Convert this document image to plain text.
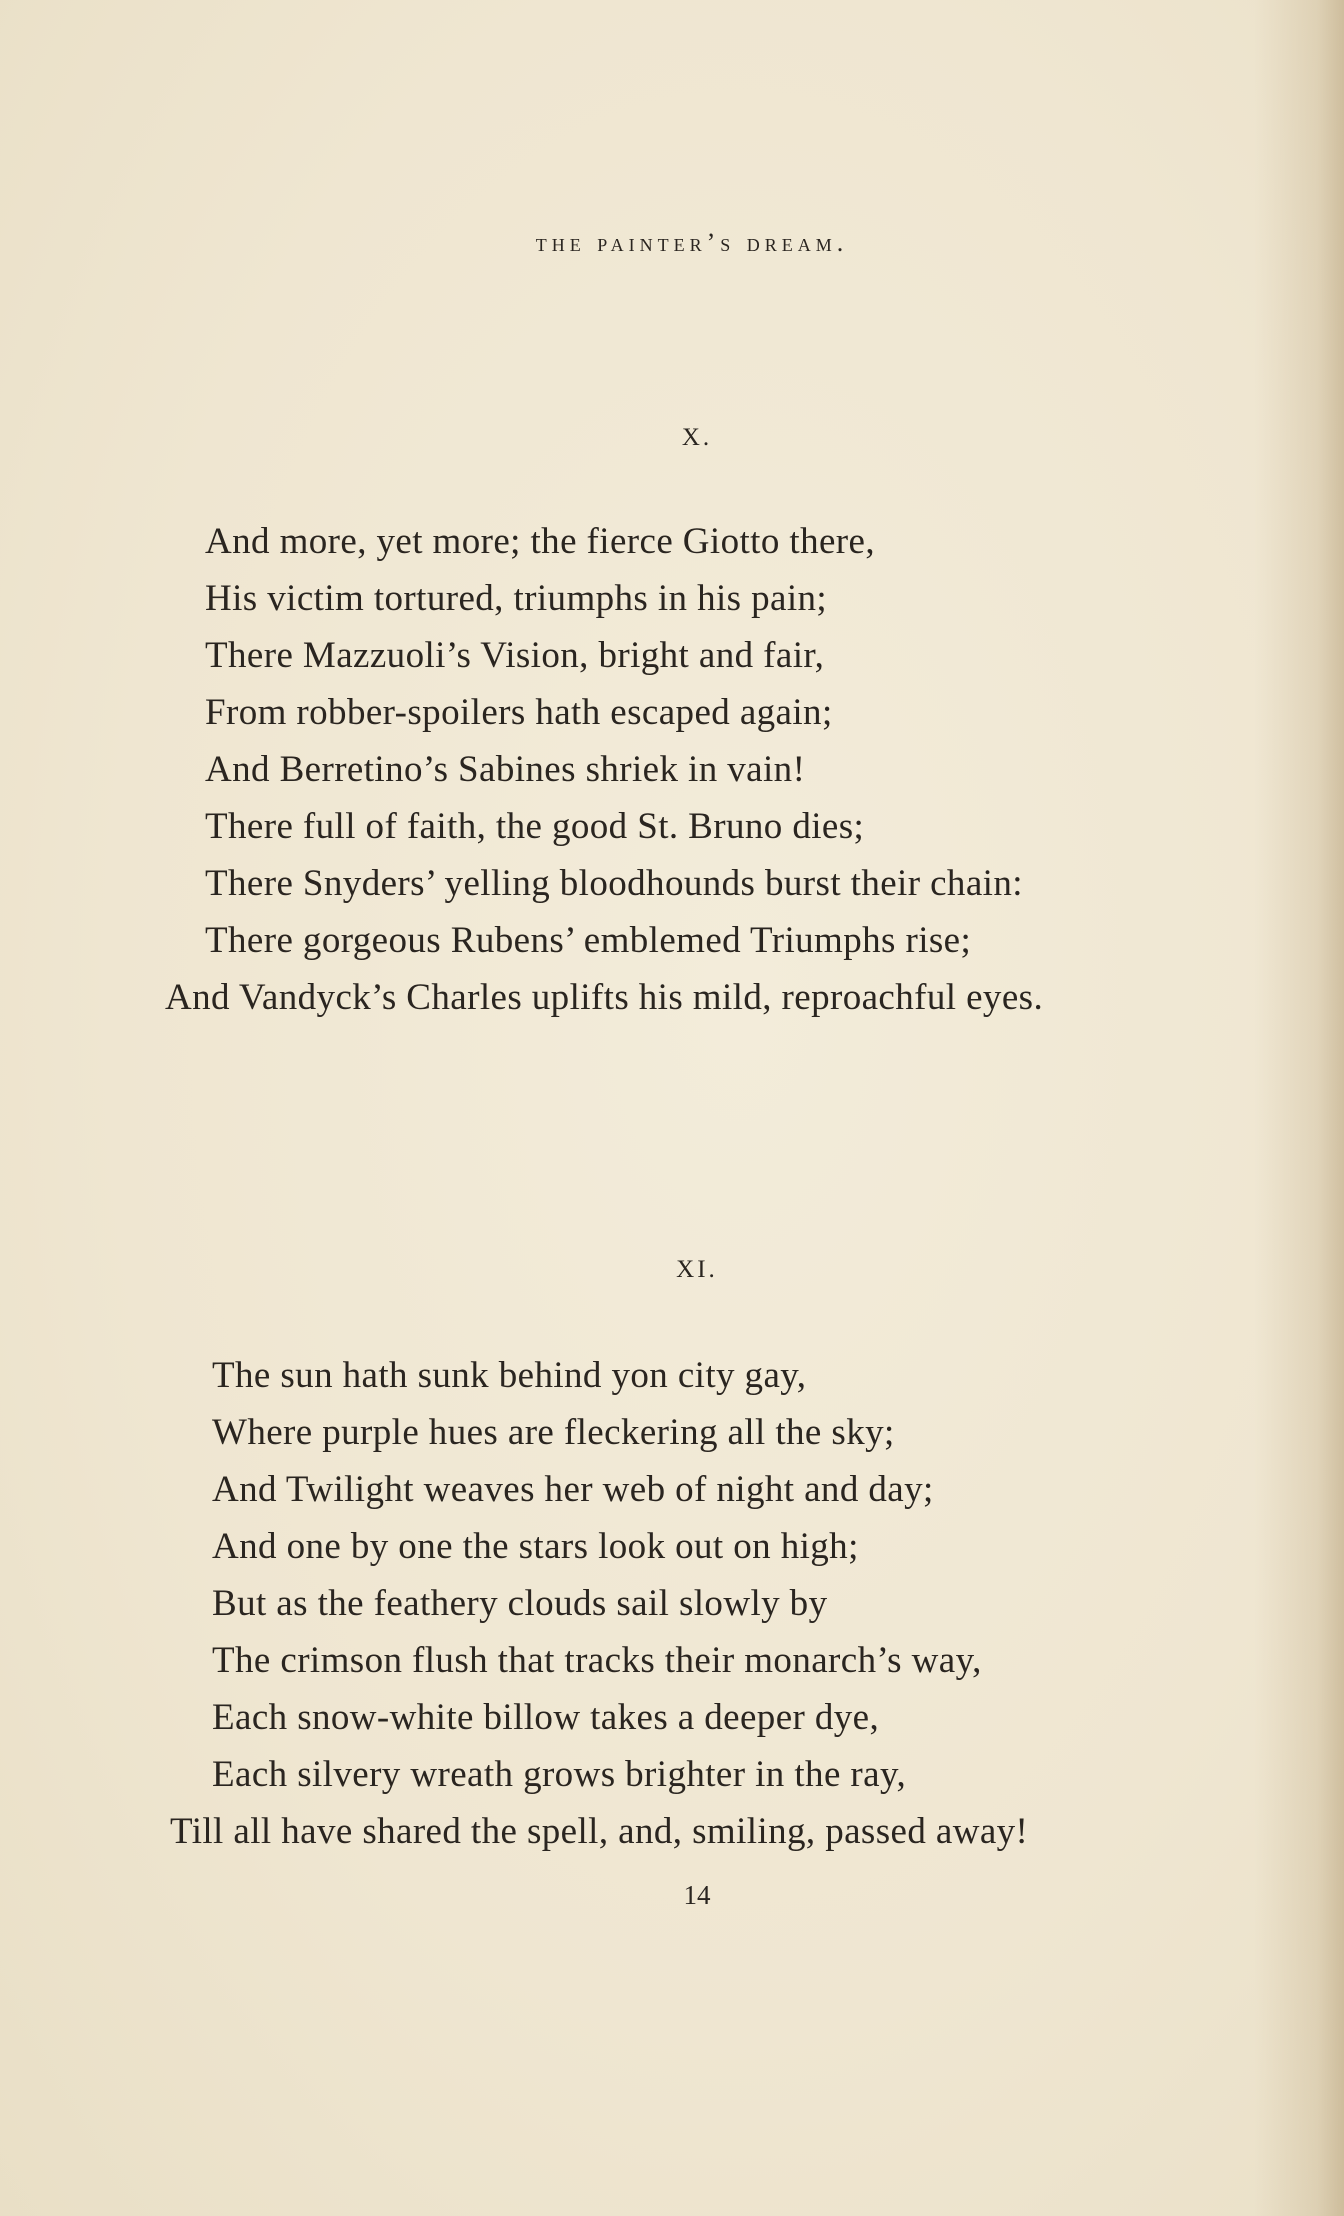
the painter’s dream.
X.
And more, yet more; the fierce Giotto there,
His victim tortured, triumphs in his pain;
There Mazzuoli’s Vision, bright and fair,
From robber-spoilers hath escaped again;
And Berretino’s Sabines shriek in vain!
There full of faith, the good St. Bruno dies;
There Snyders’ yelling bloodhounds burst their chain:
There gorgeous Rubens’ emblemed Triumphs rise;
And Vandyck’s Charles uplifts his mild, reproachful eyes.
XI.
The sun hath sunk behind yon city gay,
Where purple hues are fleckering all the sky;
And Twilight weaves her web of night and day;
And one by one the stars look out on high;
But as the feathery clouds sail slowly by
The crimson flush that tracks their monarch’s way,
Each snow-white billow takes a deeper dye,
Each silvery wreath grows brighter in the ray,
Till all have shared the spell, and, smiling, passed away!
14
